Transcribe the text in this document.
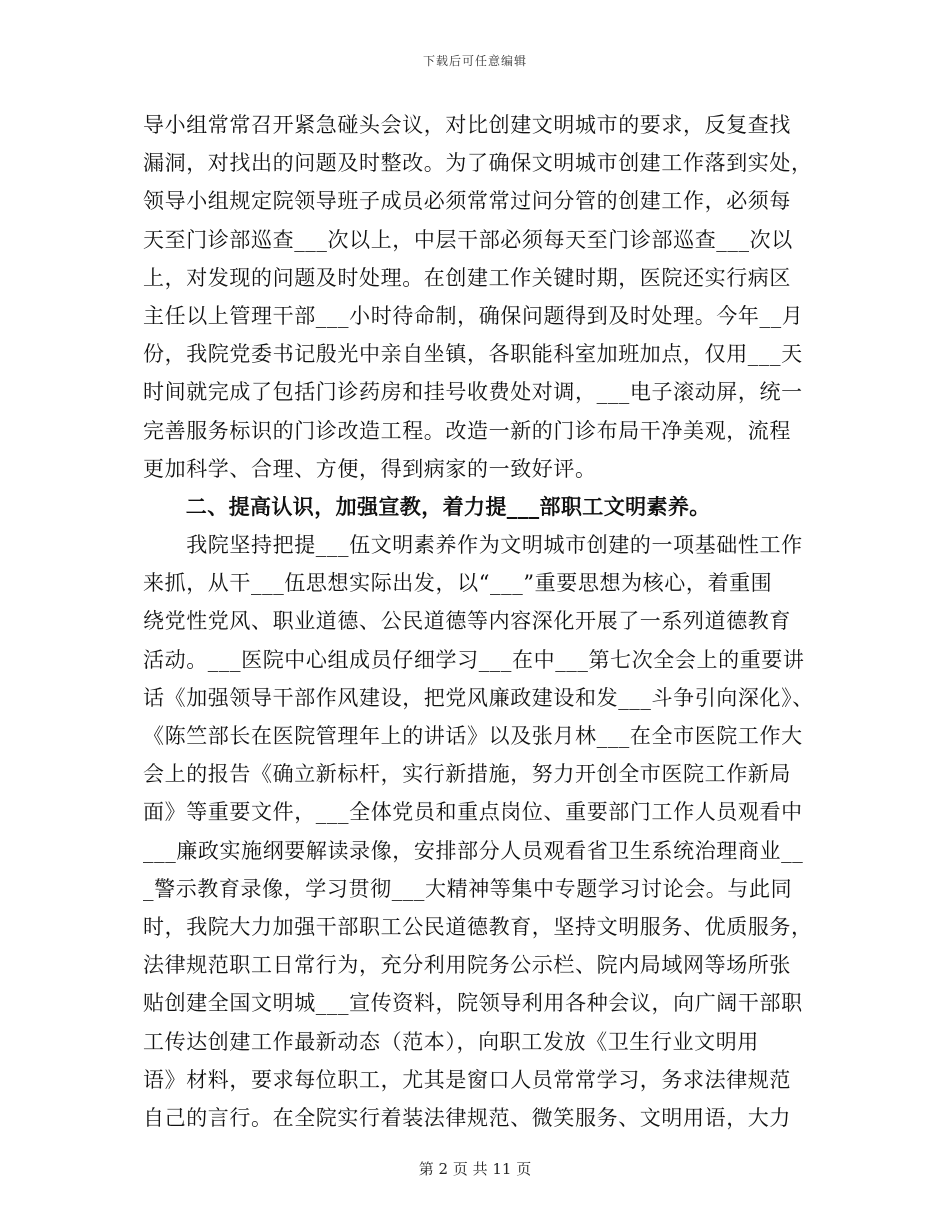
下载后可任意编辑
导小组常常召开紧急碰头会议，对比创建文明城市的要求，反复查找
漏洞，对找出的问题及时整改。为了确保文明城市创建工作落到实处，
领导小组规定院领导班子成员必须常常过问分管的创建工作，必须每
天至门诊部巡查___次以上，中层干部必须每天至门诊部巡查___次以
上，对发现的问题及时处理。在创建工作关键时期，医院还实行病区
主任以上管理干部___小时待命制，确保问题得到及时处理。今年__月
份，我院党委书记殷光中亲自坐镇，各职能科室加班加点，仅用___天
时间就完成了包括门诊药房和挂号收费处对调，___电子滚动屏，统一
完善服务标识的门诊改造工程。改造一新的门诊布局干净美观，流程
更加科学、合理、方便，得到病家的一致好评。
　　二、提高认识，加强宣教，着力提___部职工文明素养。
　　我院坚持把提___伍文明素养作为文明城市创建的一项基础性工作
来抓，从干___伍思想实际出发，以“___”重要思想为核心，着重围
绕党性党风、职业道德、公民道德等内容深化开展了一系列道德教育
活动。___医院中心组成员仔细学习___在中___第七次全会上的重要讲
话《加强领导干部作风建设，把党风廉政建设和发___斗争引向深化》、
《陈竺部长在医院管理年上的讲话》以及张月林___在全市医院工作大
会上的报告《确立新标杆，实行新措施，努力开创全市医院工作新局
面》等重要文件，___全体党员和重点岗位、重要部门工作人员观看中
___廉政实施纲要解读录像，安排部分人员观看省卫生系统治理商业__
_警示教育录像，学习贯彻___大精神等集中专题学习讨论会。与此同
时，我院大力加强干部职工公民道德教育，坚持文明服务、优质服务，
法律规范职工日常行为，充分利用院务公示栏、院内局域网等场所张
贴创建全国文明城___宣传资料，院领导利用各种会议，向广阔干部职
工传达创建工作最新动态（范本），向职工发放《卫生行业文明用
语》材料，要求每位职工，尤其是窗口人员常常学习，务求法律规范
自己的言行。在全院实行着装法律规范、微笑服务、文明用语，大力
第 2 页 共 11 页
